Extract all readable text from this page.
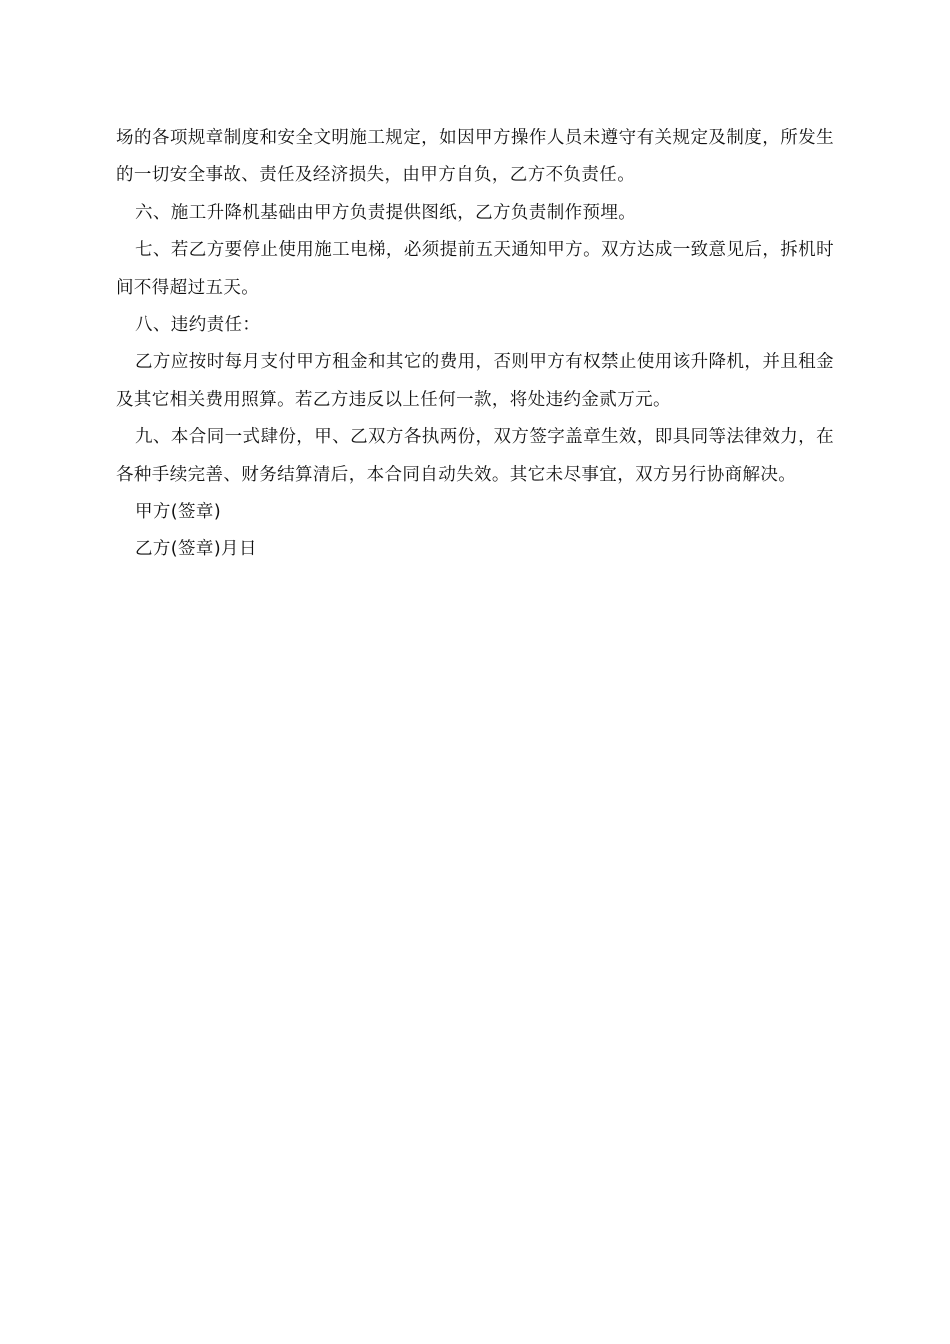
场的各项规章制度和安全文明施工规定，如因甲方操作人员未遵守有关规定及制度，所发生的一切安全事故、责任及经济损失，由甲方自负，乙方不负责任。

六、施工升降机基础由甲方负责提供图纸，乙方负责制作预埋。

七、若乙方要停止使用施工电梯，必须提前五天通知甲方。双方达成一致意见后，拆机时间不得超过五天。

八、违约责任：

乙方应按时每月支付甲方租金和其它的费用，否则甲方有权禁止使用该升降机，并且租金及其它相关费用照算。若乙方违反以上任何一款，将处违约金贰万元。

九、本合同一式肆份，甲、乙双方各执两份，双方签字盖章生效，即具同等法律效力，在各种手续完善、财务结算清后，本合同自动失效。其它未尽事宜，双方另行协商解决。

甲方(签章)

乙方(签章)月日
